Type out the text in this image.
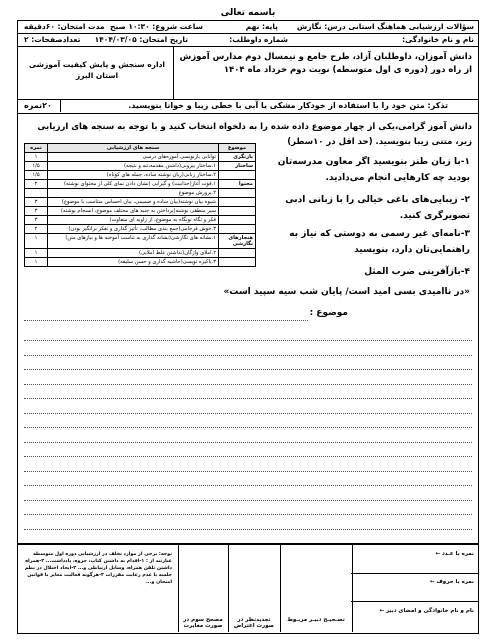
باسمه تعالی
سؤالات ارزشیابی هماهنگ استانی درس: نگارش
پایه: نهم
ساعت شروع: ۱۰:۳۰ صبح
مدت امتحان: ۶۰دقیقه
نام و نام خانوادگی:
شماره داوطلب:
تاریخ امتحان: ۱۴۰۴/۰۳/۰۵
تعدادصفحات: ۲
دانش آموزان، داوطلبان آزاد، طرح جامع و نیمسال دوم مدارس آموزش از راه دور (دوره ی اول متوسطه) نوبت دوم خرداد ماه ۱۴۰۴
اداره سنجش و پایش کیفیت آموزشی استان البرز
۲۰نمره	تذکر: متن خود را با استفاده از خودکار مشکی یا آبی با خطی زیبا و خوانا بنویسید.
دانش آموز گرامی،یکی از چهار موضوع داده شده را به دلخواه انتخاب کنید و با توجه به سنجه های ارزیابی زیر، متنی زیبا بنویسید. (حد اقل در ۱۰سطر)
موضوع	سنجه های ارزشیابی	نمره
بازنگری	توانایی بازنویسی آموزه‌های درسی	۱
ساختار	۱.ساختار بیرونی(داشتن مقدمه،تنه و نتیجه)	۱/۵
	۲.ساختار زبانی(زبان نوشته ساده، جمله های کوتاه)	۱/۵
محتوا	۱.قوت آغاز(جذابیت) و گیرایی (نشان دادن تمای کلی از محتوای نوشته)	۲
	۲.پرورش موضوع	
	شیوه بیان نوشته(بیان ساده و صمیمی، بیان احساس متناسب با موضوع)	۳
	سیر منطقی نوشته(پرداختن به جنبه های مختلف موضوع، انسجام نوشته)	۳
	فکر و نگاه نونگاه به موضوع، از زاویه ای متفاوت)	۳
	۳.خوش فرجامی(جمع بندی مطالب، تأثیر گذاری و تفکر برانگیز بودن)	۲
هنجارهای نگارشی	۱.نشانه های نگارشی(نشانه گذاری به تناسب آموخته ها و نیازهای متن)	۱
	۲.املای واژگان(نداشتن غلط املایی)	۱
	۳.پاکیزه نویسی(حاشیه گذاری و حسن سلیقه)	۱
۱-با زبان طنز بنویسید اگر معاون مدرسه‌تان بودید چه کارهایی انجام می‌دادید.
۲- زیبایی‌های باغی خیالی را با زبانی ادبی تصویرگری کنید.
۳-نامه‌ای غیر رسمی به دوستی که نیاز به راهنمایی‌تان دارد، بنویسید
۴-بازآفرینی ضرب المثل
«در ناامیدی بسی امید است/ پایان شب سیه سپید است»
موضوع :
توجه: برخی از موارد تخلف در ارزشیابی دوره اول متوسطه عبارتند از : ۱-اقدام به داشتن کتاب، جزوه، یادداشت... ۲-همراه داشتن تلفن همراه، وسایل ارتباطی و... ۳-ایجاد اختلال در نظم جلسه یا عدم رعایت مقررات ۴-هرگونه فعالیت مغایر با قوانین امتحان و...
مصحح سوم در صورت مغایرت
تجدیدنظر در صورت اعتراض
تصـحیـح دبیـر مربـوط
نمره با عـدد ←
نمره با حروف ←
نام و نام خانوادگی و امضای دبیر ←
